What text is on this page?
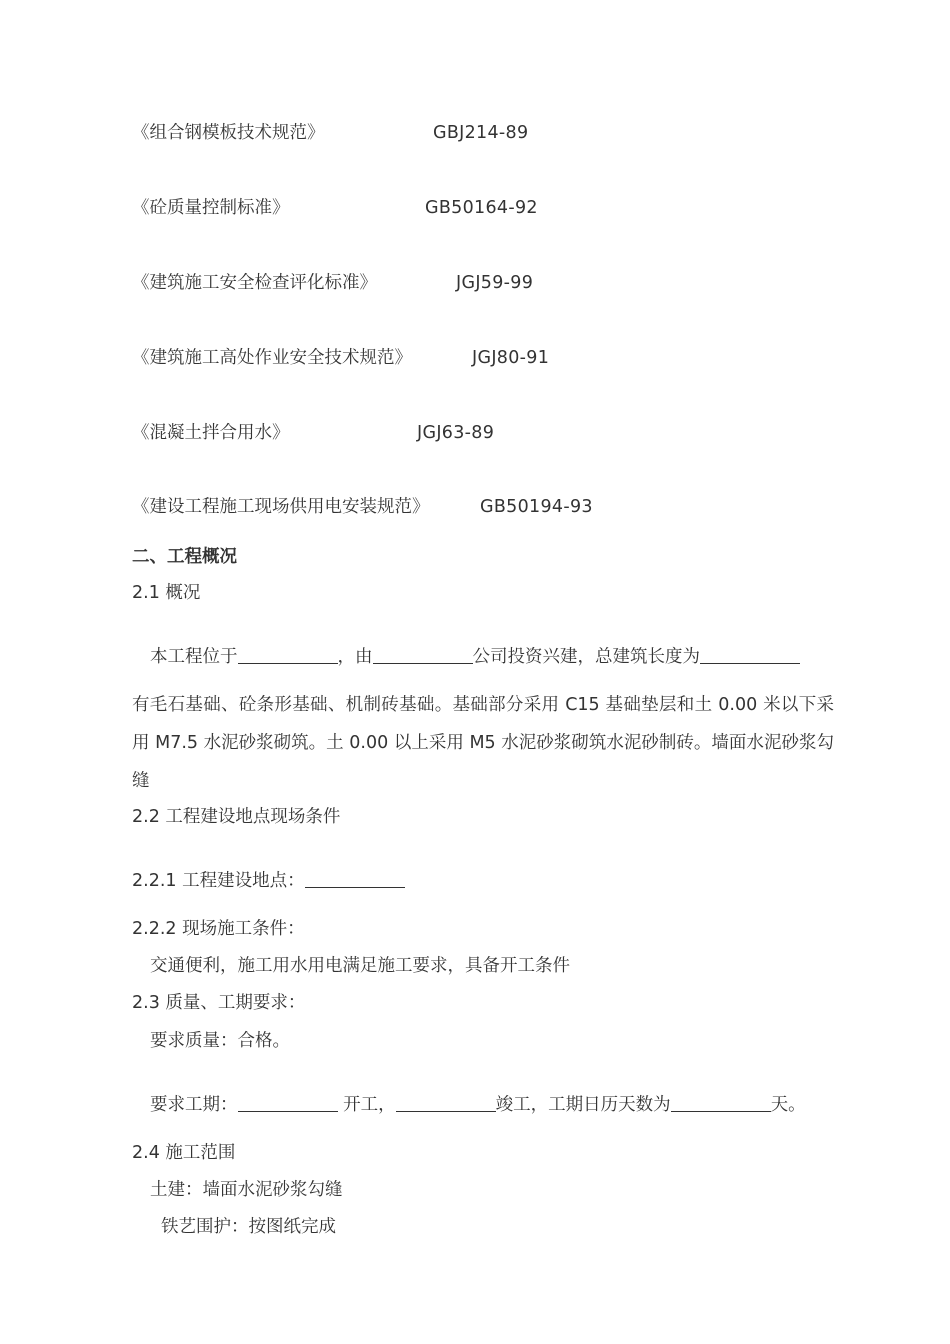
《组合钢模板技术规范》	GBJ214-89
《砼质量控制标准》	GB50164-92
《建筑施工安全检查评化标准》	JGJ59-99
《建筑施工高处作业安全技术规范》	JGJ80-91
《混凝土拌合用水》	JGJ63-89
《建设工程施工现场供用电安装规范》	GB50194-93
二、工程概况
2.1 概况
本工程位于	，由	公司投资兴建，总建筑长度为
有毛石基础、砼条形基础、机制砖基础。基础部分采用 C15 基础垫层和土 0.00 米以下采用 M7.5 水泥砂浆砌筑。土 0.00 以上采用 M5 水泥砂浆砌筑水泥砂制砖。墙面水泥砂浆勾缝
2.2 工程建设地点现场条件
2.2.1 工程建设地点：
2.2.2 现场施工条件：
交通便利，施工用水用电满足施工要求，具备开工条件
2.3 质量、工期要求：
要求质量：合格。
要求工期：	开工，	竣工，工期日历天数为	天。
2.4 施工范围
土建：墙面水泥砂浆勾缝
铁艺围护：按图纸完成
